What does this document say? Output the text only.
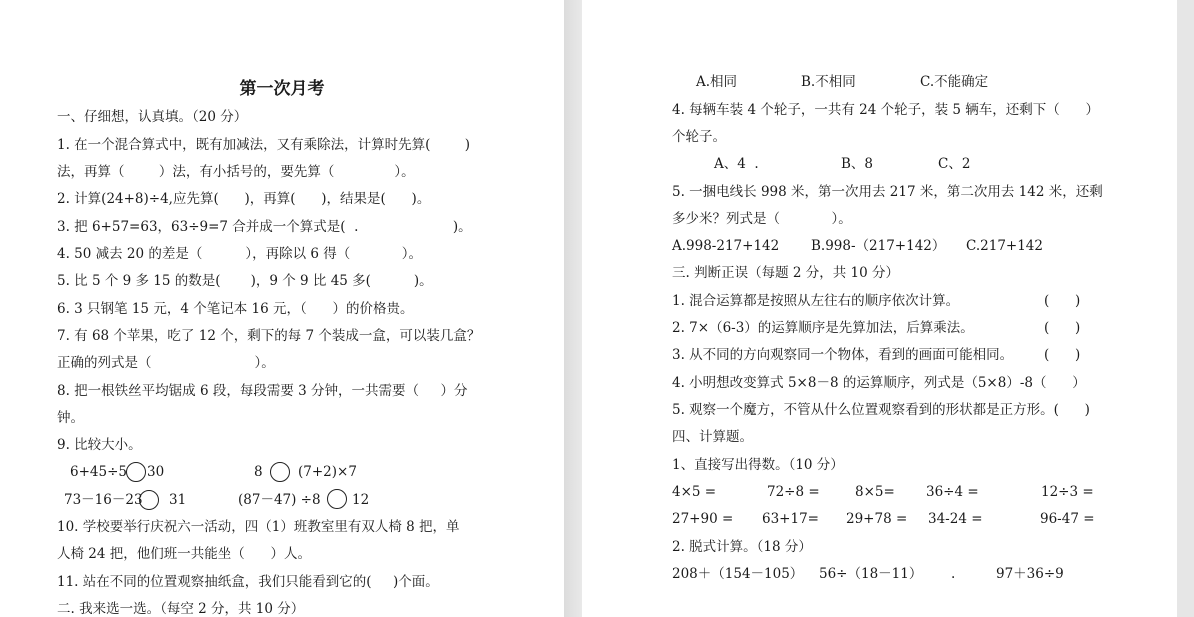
第一次月考
一、仔细想，认真填。（20 分）
1. 在一个混合算式中，既有加减法，又有乘除法，计算时先算(        )
法，再算（        ）法，有小括号的，要先算（              ）。
2. 计算(24+8)÷4,应先算(      )，再算(      )，结果是(      )。
3. 把 6+57=63，63÷9=7 合并成一个算式是(  .                      )。
4. 50 减去 20 的差是（          ），再除以 6 得（            ）。
5. 比 5 个 9 多 15 的数是(       )，9 个 9 比 45 多(          )。
6. 3 只钢笔 15 元，4 个笔记本 16 元，（      ）的价格贵。
7. 有 68 个苹果，吃了 12 个，剩下的每 7 个装成一盒，可以装几盒？
正确的列式是（                        ）。
8. 把一根铁丝平均锯成 6 段，每段需要 3 分钟，一共需要（     ）分
钟。
9. 比较大小。
6+45÷5 30	8	(7+2)×7
73－16－23 31	(87－47) ÷8 12
10. 学校要举行庆祝六一活动，四（1）班教室里有双人椅 8 把，单
人椅 24 把，他们班一共能坐（      ）人。
11. 站在不同的位置观察抽纸盒，我们只能看到它的(     )个面。
二. 我来选一选。（每空 2 分，共 10 分）
A.相同	B.不相同	C.不能确定
4. 每辆车装 4 个轮子，一共有 24 个轮子，装 5 辆车，还剩下（      ）
个轮子。
A、4  .	B、8	C、2
5. 一捆电线长 998 米，第一次用去 217 米，第二次用去 142 米，还剩
多少米？列式是（            ）。
A.998-217+142 B.998-（217+142） C.217+142
三. 判断正误（每题 2 分，共 10 分）
1. 混合运算都是按照从左往右的顺序依次计算。	(      )
2. 7×（6-3）的运算顺序是先算加法，后算乘法。	(      )
3. 从不同的方向观察同一个物体，看到的画面可能相同。 (      )
4. 小明想改变算式 5×8－8 的运算顺序，列式是（5×8）-8（      ）
5. 观察一个魔方，不管从什么位置观察看到的形状都是正方形。(      )
四、计算题。
1、直接写出得数。（10 分）
4×5 =	72÷8 =	8×5= 36÷4 =	12÷3 =
27+90 = 63+17= 29+78 = 34-24 =	96-47 =
2. 脱式计算。（18 分）
208＋（154－105） 56÷（18－11） .	97＋36÷9
